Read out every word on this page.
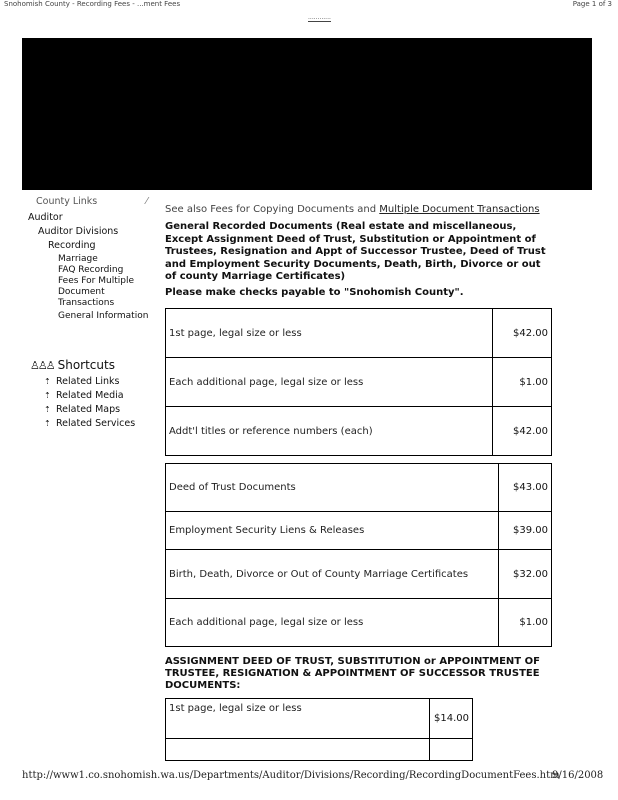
Snohomish County - Recording Fees - ...ment Fees	Page 1 of 3
............
County Links	⁄
Auditor
Auditor Divisions
Recording
Marriage
FAQ Recording
Fees For Multiple
Document
Transactions
General Information
♙♙♙ Shortcuts
⇡ Related Links
⇡ Related Media
⇡ Related Maps
⇡ Related Services
See also Fees for Copying Documents and Multiple Document Transactions
General Recorded Documents (Real estate and miscellaneous, Except Assignment Deed of Trust, Substitution or Appointment of Trustees, Resignation and Appt of Successor Trustee, Deed of Trust and Employment Security Documents, Death, Birth, Divorce or out of county Marriage Certificates)
Please make checks payable to "Snohomish County".
1st page, legal size or less	$42.00
Each additional page, legal size or less	$1.00
Addt'l titles or reference numbers (each)	$42.00
Deed of Trust Documents	$43.00
Employment Security Liens & Releases	$39.00
Birth, Death, Divorce or Out of County Marriage Certificates	$32.00
Each additional page, legal size or less	$1.00
ASSIGNMENT DEED OF TRUST, SUBSTITUTION or APPOINTMENT OF TRUSTEE, RESIGNATION & APPOINTMENT OF SUCCESSOR TRUSTEE DOCUMENTS:
1st page, legal size or less	$14.00

http://www1.co.snohomish.wa.us/Departments/Auditor/Divisions/Recording/RecordingDocumentFees.htm
9/16/2008
